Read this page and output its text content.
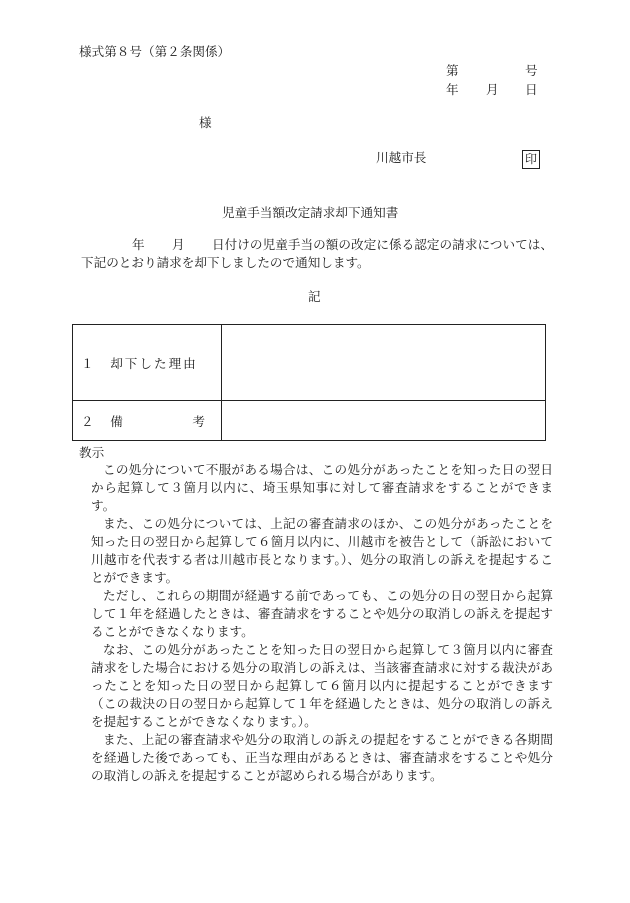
様式第８号（第２条関係）
第	号
年 月 日
様
川越市長	印
児童手当額改定請求却下通知書
年 月	日付けの児童手当の額の改定に係る認定の請求については、下記のとおり請求を却下しましたので通知します。
記
１　却下した理由	

２　備 考	

教示

この処分について不服がある場合は、この処分があったことを知った日の翌日から起算して３箇月以内に、埼玉県知事に対して審査請求をすることができます。

また、この処分については、上記の審査請求のほか、この処分があったことを知った日の翌日から起算して６箇月以内に、川越市を被告として（訴訟において川越市を代表する者は川越市長となります。）、処分の取消しの訴えを提起することができます。

ただし、これらの期間が経過する前であっても、この処分の日の翌日から起算して１年を経過したときは、審査請求をすることや処分の取消しの訴えを提起することができなくなります。

なお、この処分があったことを知った日の翌日から起算して３箇月以内に審査請求をした場合における処分の取消しの訴えは、当該審査請求に対する裁決があったことを知った日の翌日から起算して６箇月以内に提起することができます（この裁決の日の翌日から起算して１年を経過したときは、処分の取消しの訴えを提起することができなくなります。）。

また、上記の審査請求や処分の取消しの訴えの提起をすることができる各期間を経過した後であっても、正当な理由があるときは、審査請求をすることや処分の取消しの訴えを提起することが認められる場合があります。
